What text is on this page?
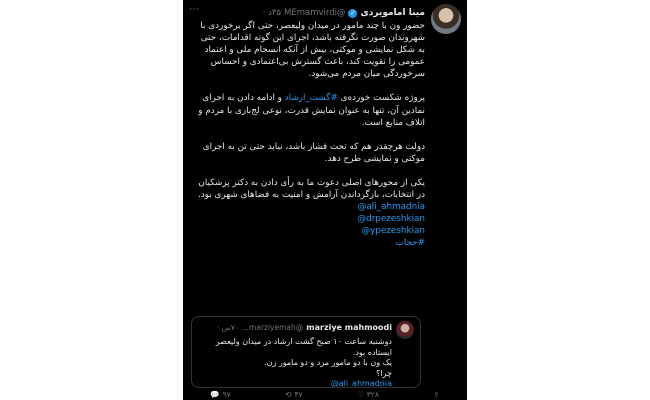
مینا امامویردی
✓
@MEmamvirdi
۳۵د ·
⋯

حضور ون با چند مامور در میدان ولیعصر، حتی اگر برخوردی با شهروندان صورت نگرفته باشد، اجرای این گونه اقدامات، حتی به شکل نمایشی و موکتی، بیش از آنکه انسجام ملی و اعتماد عمومی را تقویت کند، باعث گسترش بی‌اعتمادی و احساس سرخوردگی میان مردم می‌شود.

پروژه شکست خورده‌ی #گشت_ارشاد و ادامه دادن به اجرای نمادین آن، تنها به عنوان نمایش قدرت، نوعی لج‌بازی با مردم و اتلاف منابع است.

دولت هرچقدر هم که تحت فشار باشد، نباید حتی تن به اجرای موکتی و نمایشی طرح دهد.

یکی از محورهای اصلی دعوت ما به رأی دادن به دکتر پزشکیان در انتخابات، بازگرداندن آرامش و امنیت به فضاهای شهری بود.

@ali_ahmadnia
@drpezeshkian
@ypezeshkian
#حجاب
marziye mahmoodi
@marziyemah...
۷۰س ·
دوشنبه ساعت ۱۰ صبح گشت ارشاد در میدان ولیعصر ایستاده بود.
یک ون با دو مامور مرد و دو مامور زن.
چرا؟
@ali_ahmadnia
💬 ۹۷	⟲ ۴۷	♡ ۳۲۸	⇪
